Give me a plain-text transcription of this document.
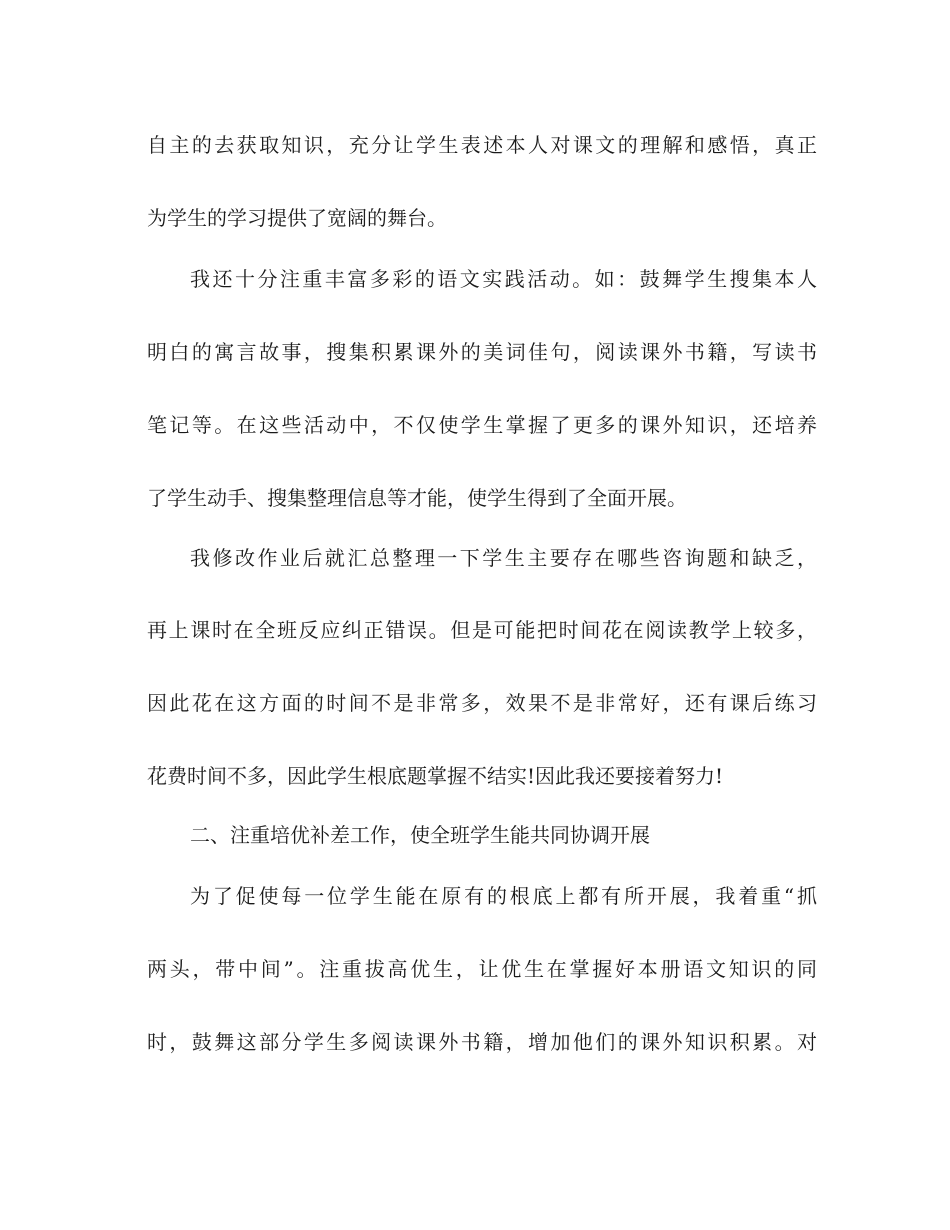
自主的去获取知识，充分让学生表述本人对课文的理解和感悟，真正
为学生的学习提供了宽阔的舞台。
我还十分注重丰富多彩的语文实践活动。如：鼓舞学生搜集本人
明白的寓言故事，搜集积累课外的美词佳句，阅读课外书籍，写读书
笔记等。在这些活动中，不仅使学生掌握了更多的课外知识，还培养
了学生动手、搜集整理信息等才能，使学生得到了全面开展。
我修改作业后就汇总整理一下学生主要存在哪些咨询题和缺乏，
再上课时在全班反应纠正错误。但是可能把时间花在阅读教学上较多，
因此花在这方面的时间不是非常多，效果不是非常好，还有课后练习
花费时间不多，因此学生根底题掌握不结实!因此我还要接着努力!
二、注重培优补差工作，使全班学生能共同协调开展
为了促使每一位学生能在原有的根底上都有所开展，我着重“抓
两头，带中间”。注重拔高优生，让优生在掌握好本册语文知识的同
时，鼓舞这部分学生多阅读课外书籍，增加他们的课外知识积累。对
